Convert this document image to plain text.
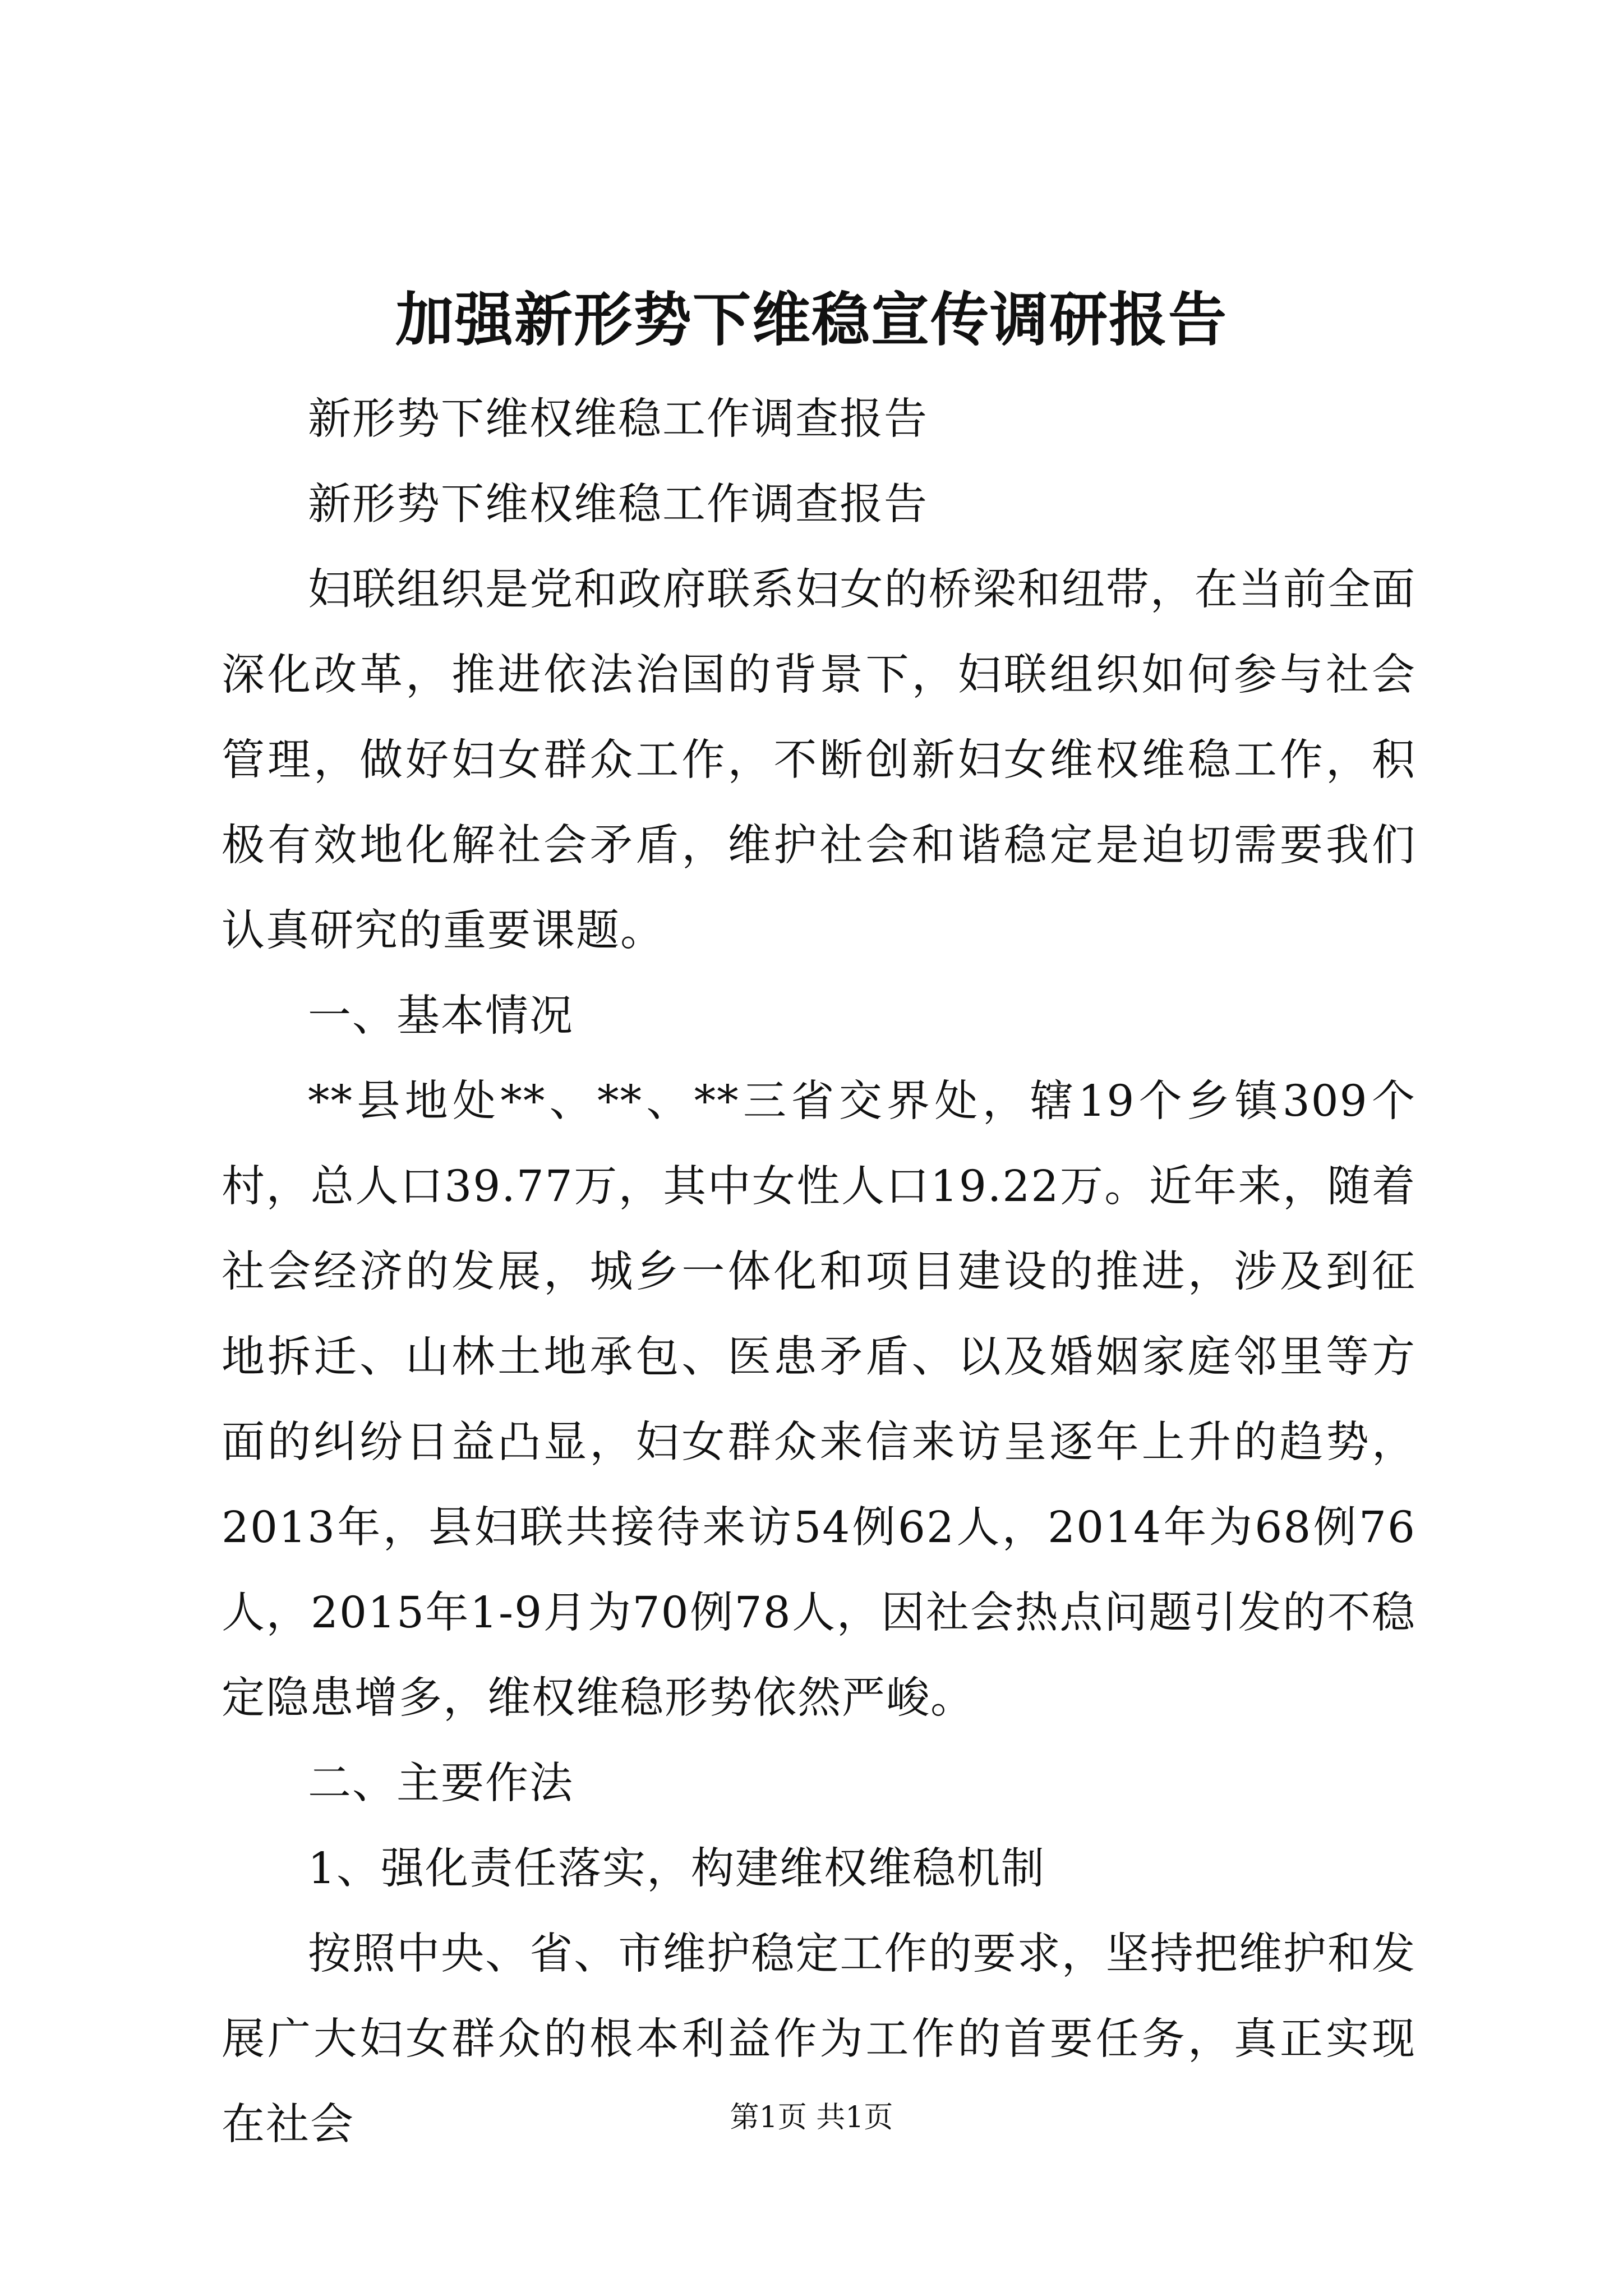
加强新形势下维稳宣传调研报告

新形势下维权维稳工作调查报告

新形势下维权维稳工作调查报告

妇联组织是党和政府联系妇女的桥梁和纽带，在当前全面深化改革，推进依法治国的背景下，妇联组织如何参与社会管理，做好妇女群众工作，不断创新妇女维权维稳工作，积极有效地化解社会矛盾，维护社会和谐稳定是迫切需要我们认真研究的重要课题。

一、基本情况

**县地处**、**、**三省交界处，辖19个乡镇309个村，总人口39.77万，其中女性人口19.22万。近年来，随着社会经济的发展，城乡一体化和项目建设的推进，涉及到征地拆迁、山林土地承包、医患矛盾、以及婚姻家庭邻里等方面的纠纷日益凸显，妇女群众来信来访呈逐年上升的趋势，2013年，县妇联共接待来访54例62人，2014年为68例76人，2015年1-9月为70例78人，因社会热点问题引发的不稳定隐患增多，维权维稳形势依然严峻。

二、主要作法

1、强化责任落实，构建维权维稳机制

按照中央、省、市维护稳定工作的要求，坚持把维护和发展广大妇女群众的根本利益作为工作的首要任务，真正实现在社会	第1页 共1页
